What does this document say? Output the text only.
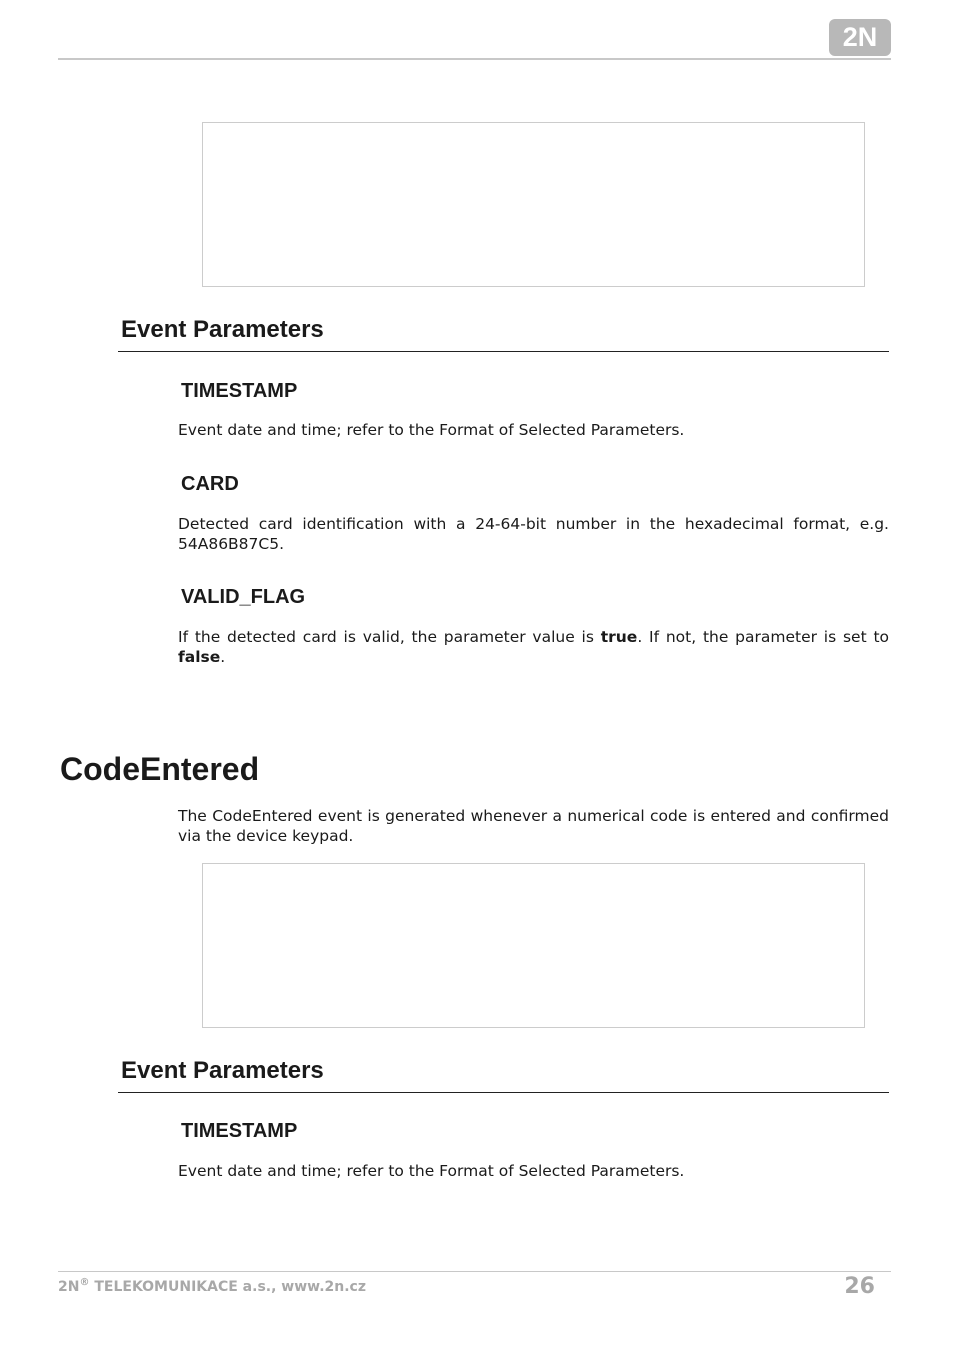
2N
Event Parameters
TIMESTAMP

Event date and time; refer to the Format of Selected Parameters.

CARD

Detected card identification with a 24-64-bit number in the hexadecimal format, e.g. 54A86B87C5.

VALID_FLAG

If the detected card is valid, the parameter value is true. If not, the parameter is set to false.

CodeEntered

The CodeEntered event is generated whenever a numerical code is entered and confirmed via the device keypad.

Event Parameters
TIMESTAMP

Event date and time; refer to the Format of Selected Parameters.

2N® TELEKOMUNIKACE a.s., www.2n.cz	26
